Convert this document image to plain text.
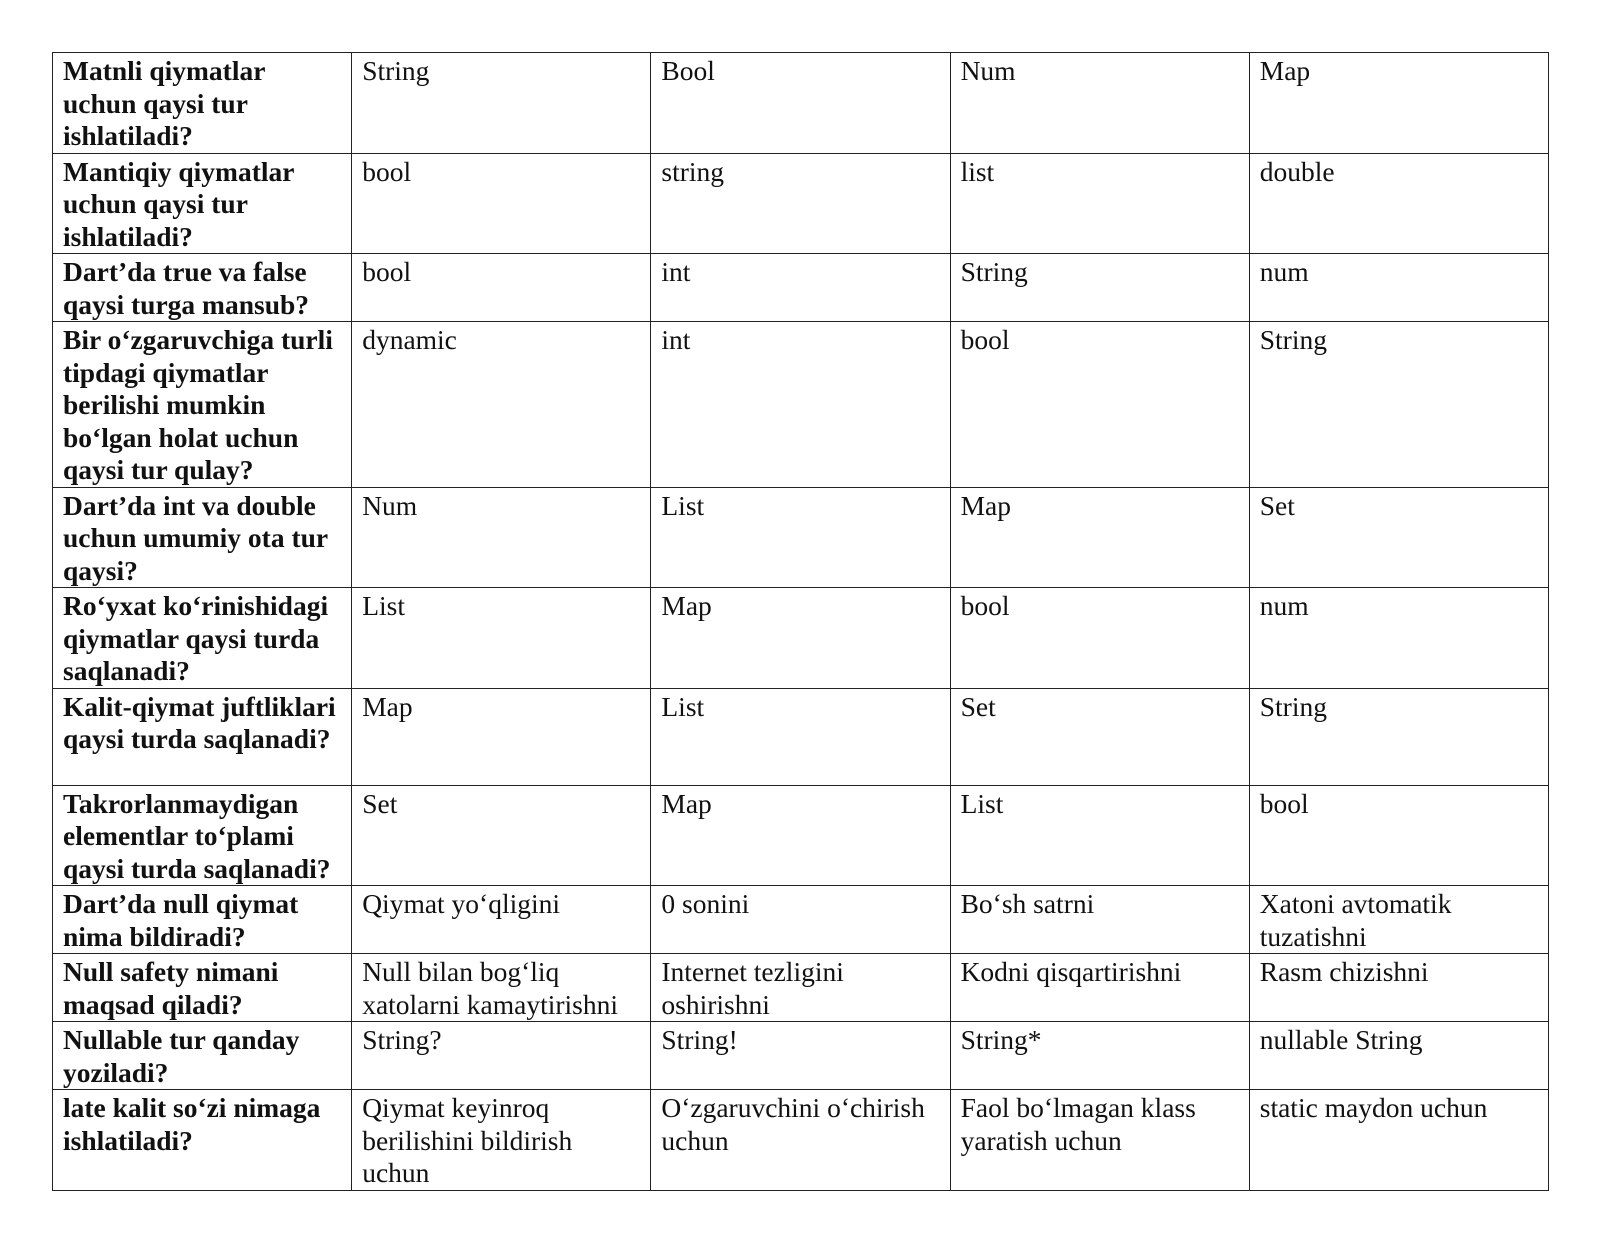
Matnli qiymatlar uchun qaysi tur ishlatiladi?	String	Bool	Num	Map
Mantiqiy qiymatlar uchun qaysi tur ishlatiladi?	bool	string	list	double
Dart’da true va false qaysi turga mansub?	bool	int	String	num
Bir o‘zgaruvchiga turli tipdagi qiymatlar berilishi mumkin bo‘lgan holat uchun qaysi tur qulay?	dynamic	int	bool	String
Dart’da int va double uchun umumiy ota tur qaysi?	Num	List	Map	Set
Ro‘yxat ko‘rinishidagi qiymatlar qaysi turda saqlanadi?	List	Map	bool	num
Kalit-qiymat juftliklari qaysi turda saqlanadi?	Map	List	Set	String
Takrorlanmaydigan elementlar to‘plami qaysi turda saqlanadi?	Set	Map	List	bool
Dart’da null qiymat nima bildiradi?	Qiymat yo‘qligini	0 sonini	Bo‘sh satrni	Xatoni avtomatik tuzatishni
Null safety nimani maqsad qiladi?	Null bilan bog‘liq xatolarni kamaytirishni	Internet tezligini oshirishni	Kodni qisqartirishni	Rasm chizishni
Nullable tur qanday yoziladi?	String?	String!	String*	nullable String
late kalit so‘zi nimaga ishlatiladi?	Qiymat keyinroq berilishini bildirish uchun	O‘zgaruvchini o‘chirish uchun	Faol bo‘lmagan klass yaratish uchun	static maydon uchun
